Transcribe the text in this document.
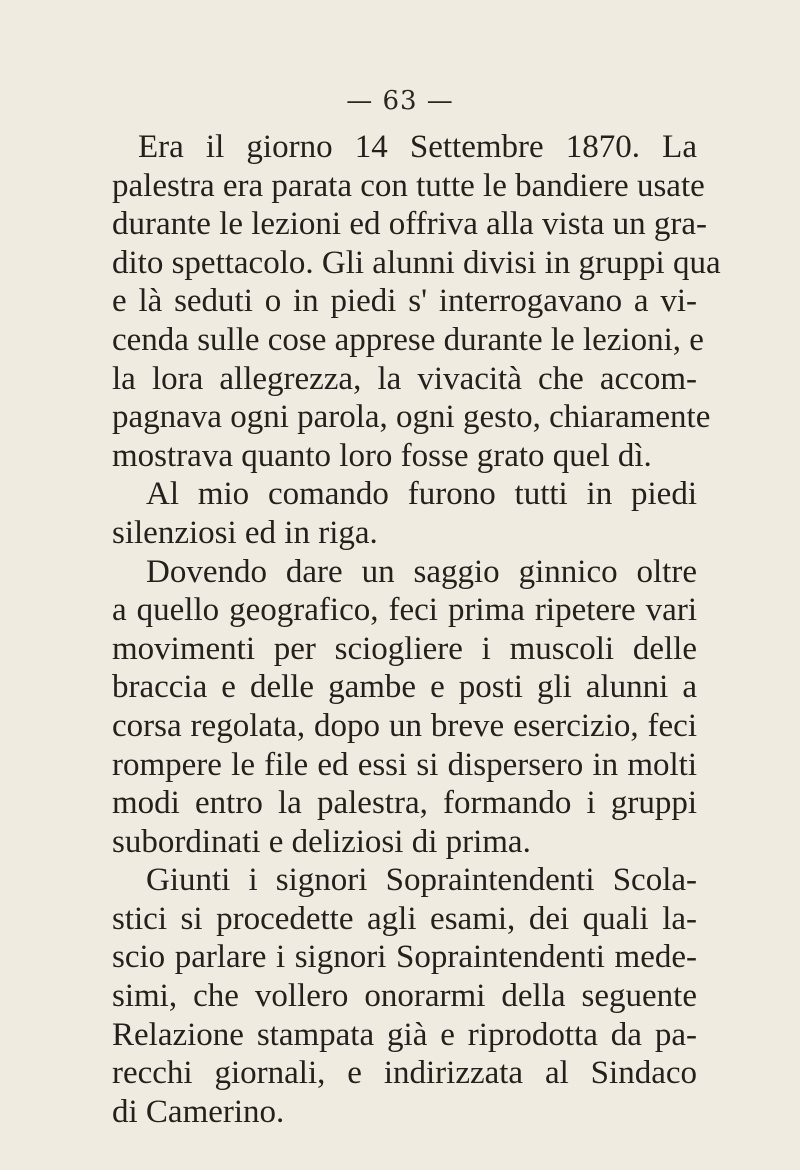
— 63 —
Era il giorno 14 Settembre 1870. La
palestra era parata con tutte le bandiere usate
durante le lezioni ed offriva alla vista un gra-
dito spettacolo. Gli alunni divisi in gruppi qua
e là seduti o in piedi s' interrogavano a vi-
cenda sulle cose apprese durante le lezioni, e
la lora allegrezza, la vivacità che accom-
pagnava ogni parola, ogni gesto, chiaramente
mostrava quanto loro fosse grato quel dì.
Al mio comando furono tutti in piedi
silenziosi ed in riga.
Dovendo dare un saggio ginnico oltre
a quello geografico, feci prima ripetere vari
movimenti per sciogliere i muscoli delle
braccia e delle gambe e posti gli alunni a
corsa regolata, dopo un breve esercizio, feci
rompere le file ed essi si dispersero in molti
modi entro la palestra, formando i gruppi
subordinati e deliziosi di prima.
Giunti i signori Sopraintendenti Scola-
stici si procedette agli esami, dei quali la-
scio parlare i signori Sopraintendenti mede-
simi, che vollero onorarmi della seguente
Relazione stampata già e riprodotta da pa-
recchi giornali, e indirizzata al Sindaco
di Camerino.
